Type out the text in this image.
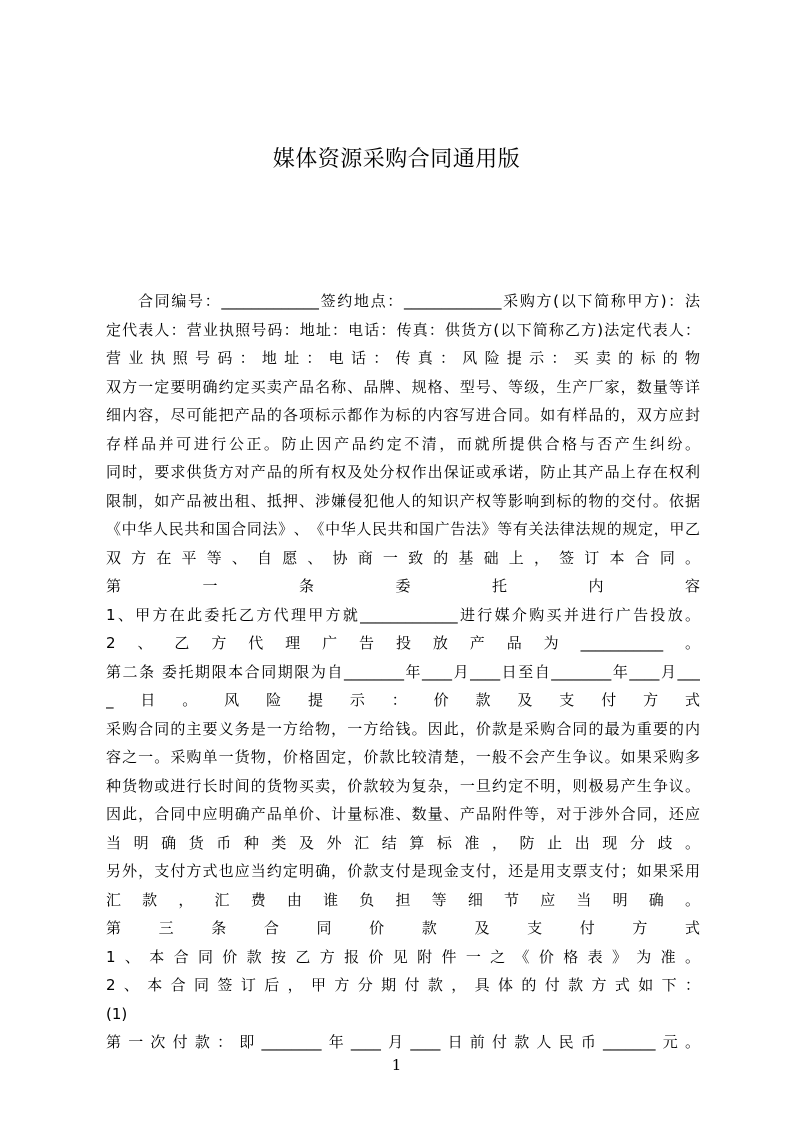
媒体资源采购合同通用版
合同编号：_____________签约地点：_____________采购方(以下简称甲方)：法
定​代​表​人​：​营​业​执​照​号​码​：​地​址​：​电​话​：​传​真​：​供​货​方​(​以​下​简​称​乙​方​)​法​定​代​表​人​：
营​业​执​照​号​码​：​地​址​：​电​话​：​传​真​：​风​险​提​示​：​买​卖​的​标​的​物
双​方​一​定​要​明​确​约​定​买​卖​产​品​名​称​、​品​牌​、​规​格​、​型​号​、​等​级​，​生​产​厂​家​，​数​量​等​详
细​内​容​，​尽​可​能​把​产​品​的​各​项​标​示​都​作​为​标​的​内​容​写​进​合​同​。​如​有​样​品​的​，​双​方​应​封
存​样​品​并​可​进​行​公​正​。​防​止​因​产​品​约​定​不​清​，​而​就​所​提​供​合​格​与​否​产​生​纠​纷​。
同​时​，​要​求​供​货​方​对​产​品​的​所​有​权​及​处​分​权​作​出​保​证​或​承​诺​，​防​止​其​产​品​上​存​在​权​利
限​制​，​如​产​品​被​出​租​、​抵​押​、​涉​嫌​侵​犯​他​人​的​知​识​产​权​等​影​响​到​标​的​物​的​交​付​。​依​据
《​中​华​人​民​共​和​国​合​同​法​》​、​《​中​华​人​民​共​和​国​广​告​法​》​等​有​关​法​律​法​规​的​规​定​，​甲​乙
双​方​在​平​等​、​自​愿​、​协​商​一​致​的​基​础​上​，​签​订​本​合​同​。
第​一​条​委​托​内​容
1​、​甲​方​在​此​委​托​乙​方​代​理​甲​方​就​_​_​_​_​_​_​_​_​_​_​_​_​_​进​行​媒​介​购​买​并​进​行​广​告​投​放​。
2​、​乙​方​代​理​广​告​投​放​产​品​为​_​_​_​_​_​_​_​_​_​_​_​。
第二条 委托期限本合同期限为自________年____月____日至自________年____月___
_​日​。​风​险​提​示​：​价​款​及​支​付​方​式
采​购​合​同​的​主​要​义​务​是​一​方​给​物​，​一​方​给​钱​。​因​此​，​价​款​是​采​购​合​同​的​最​为​重​要​的​内
容​之​一​。​采​购​单​一​货​物​，​价​格​固​定​，​价​款​比​较​清​楚​，​一​般​不​会​产​生​争​议​。​如​果​采​购​多
种​货​物​或​进​行​长​时​间​的​货​物​买​卖​，​价​款​较​为​复​杂​，​一​旦​约​定​不​明​，​则​极​易​产​生​争​议​。
因​此​，​合​同​中​应​明​确​产​品​单​价​、​计​量​标​准​、​数​量​、​产​品​附​件​等​，​对​于​涉​外​合​同​，​还​应
当​明​确​货​币​种​类​及​外​汇​结​算​标​准​，​防​止​出​现​分​歧​。
另​外​，​支​付​方​式​也​应​当​约​定​明​确​，​价​款​支​付​是​现​金​支​付​，​还​是​用​支​票​支​付​；​如​果​采​用
汇​款​，​汇​费​由​谁​负​担​等​细​节​应​当​明​确​。
第​三​条​合​同​价​款​及​支​付​方​式
1​、​本​合​同​价​款​按​乙​方​报​价​见​附​件​一​之​《​价​格​表​》​为​准​。
2​、​本​合​同​签​订​后​，​甲​方​分​期​付​款​，​具​体​的​付​款​方​式​如​下​：
(​1​)
第​一​次​付​款​：​即​_​_​_​_​_​_​_​_​年​_​_​_​_​月​_​_​_​_​日​前​付​款​人​民​币​_​_​_​_​_​_​_​元​。
1
